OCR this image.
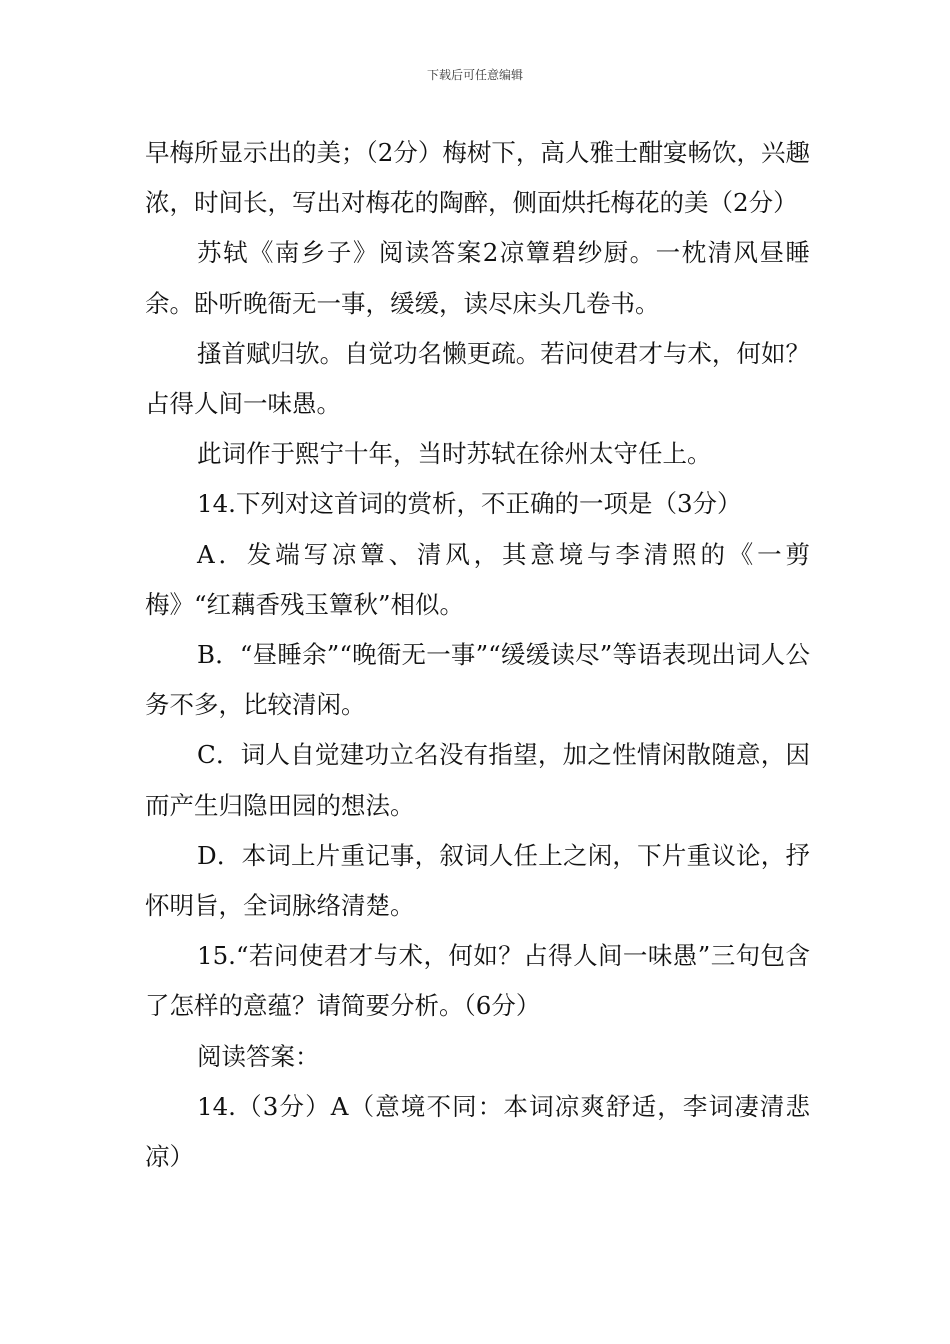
下载后可任意编辑

早梅所显示出的美；（2分）梅树下，高人雅士酣宴畅饮，兴趣浓，时间长，写出对梅花的陶醉，侧面烘托梅花的美（2分）

苏轼《南乡子》阅读答案2凉簟碧纱厨。一枕清风昼睡余。卧听晚衙无一事，缓缓，读尽床头几卷书。

搔首赋归欤。自觉功名懒更疏。若问使君才与术，何如？占得人间一味愚。

此词作于熙宁十年，当时苏轼在徐州太守任上。

14.下列对这首词的赏析，不正确的一项是（3分）

A．发端写凉簟、清风，其意境与李清照的《一剪梅》“红藕香残玉簟秋”相似。

B．“昼睡余”“晚衙无一事”“缓缓读尽”等语表现出词人公务不多，比较清闲。

C．词人自觉建功立名没有指望，加之性情闲散随意，因而产生归隐田园的想法。

D．本词上片重记事，叙词人任上之闲，下片重议论，抒怀明旨，全词脉络清楚。

15.“若问使君才与术，何如？占得人间一味愚”三句包含了怎样的意蕴？请简要分析。（6分）

阅读答案：

14.（3分）A（意境不同：本词凉爽舒适，李词凄清悲凉）
